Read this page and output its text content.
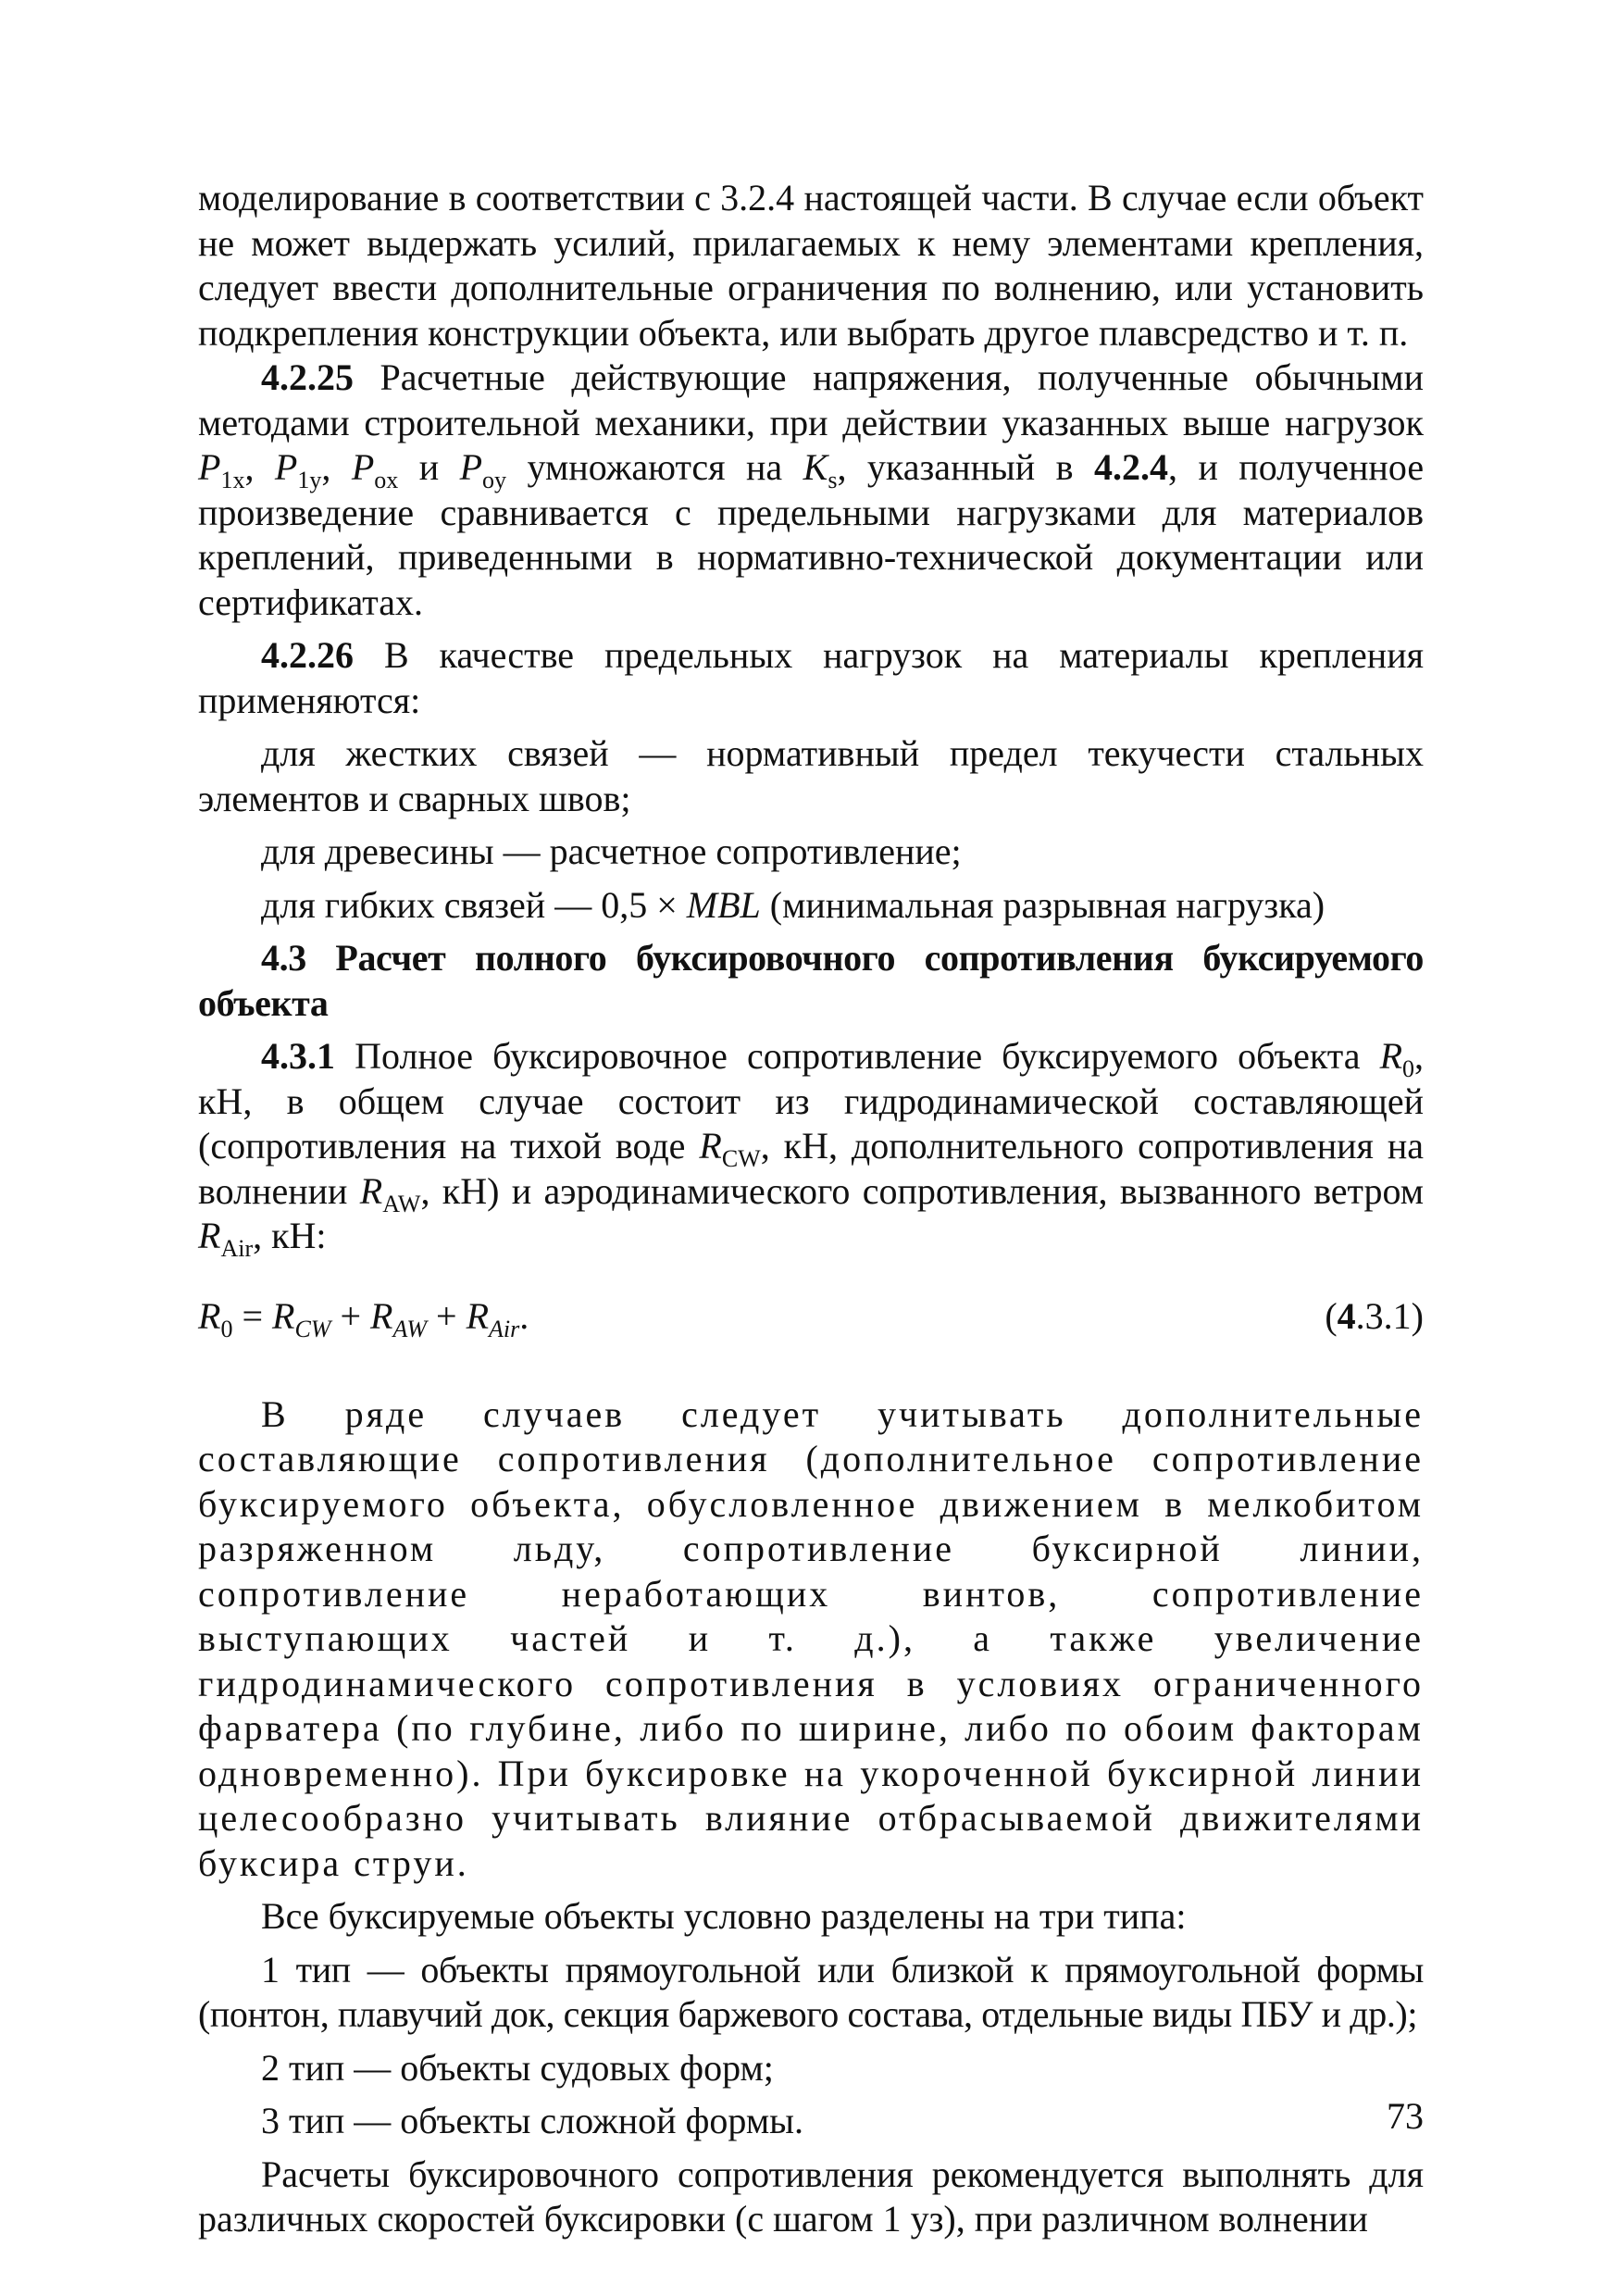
моделирование в соответствии с 3.2.4 настоящей части. В случае если объект не может выдержать усилий, прилагаемых к нему элементами крепления, следует ввести дополнительные ограничения по волнению, или установить подкрепления конструкции объекта, или выбрать другое плавсредство и т. п.

4.2.25 Расчетные действующие напряжения, полученные обычными методами строительной механики, при действии указанных выше нагрузок $P_{1x}$, $P_{1y}$, $P_{ox}$ и $P_{oy}$ умножаются на $K_s$, указанный в 4.2.4, и полученное произведение сравнивается с предельными нагрузками для материалов креплений, приведенными в нормативно-технической документации или сертификатах.

4.2.26 В качестве предельных нагрузок на материалы крепления применяются:

для жестких связей — нормативный предел текучести стальных элементов и сварных швов;

для древесины — расчетное сопротивление;

для гибких связей — 0,5 × MBL (минимальная разрывная нагрузка)

4.3 Расчет полного буксировочного сопротивления буксируемого объекта

4.3.1 Полное буксировочное сопротивление буксируемого объекта $R_0$, кН, в общем случае состоит из гидродинамической составляющей (сопротивления на тихой воде $R_{CW}$, кН, дополнительного сопротивления на волнении $R_{AW}$, кН) и аэродинамического сопротивления, вызванного ветром $R_{Air}$, кН:

$R_0 = R_{CW} + R_{AW} + R_{Air}$.	(4.3.1)

В ряде случаев следует учитывать дополнительные составляющие сопротивления (дополнительное сопротивление буксируемого объекта, обусловленное движением в мелкобитом разряженном льду, сопротивление буксирной линии, сопротивление неработающих винтов, сопротивление выступающих частей и т. д.), а также увеличение гидродинамического сопротивления в условиях ограниченного фарватера (по глубине, либо по ширине, либо по обоим факторам одновременно). При буксировке на укороченной буксирной линии целесообразно учитывать влияние отбрасываемой движителями буксира струи.

Все буксируемые объекты условно разделены на три типа:

1 тип — объекты прямоугольной или близкой к прямоугольной формы (понтон, плавучий док, секция баржевого состава, отдельные виды ПБУ и др.);

2 тип — объекты судовых форм;

3 тип — объекты сложной формы.

Расчеты буксировочного сопротивления рекомендуется выполнять для различных скоростей буксировки (с шагом 1 уз), при различном волнении

73
